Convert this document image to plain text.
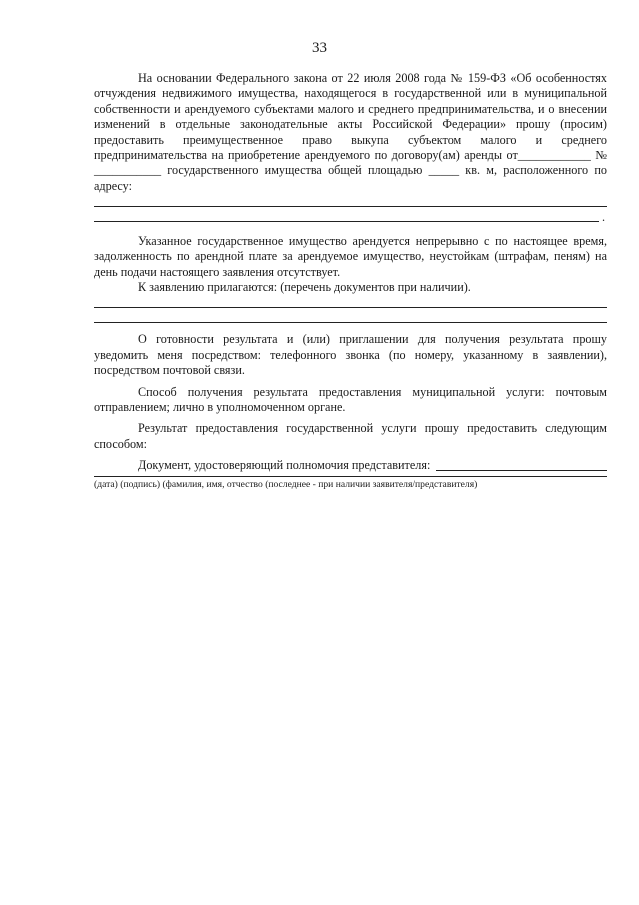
33

На основании Федерального закона от 22 июля 2008 года № 159-ФЗ «Об особенностях отчуждения недвижимого имущества, находящегося в государственной или в муниципальной собственности и арендуемого субъектами малого и среднего предпринимательства, и о внесении изменений в отдельные законодательные акты Российской Федерации» прошу (просим) предоставить преимущественное право выкупа субъектом малого и среднего предпринимательства на приобретение арендуемого по договору(ам) аренды от____________ № ___________ государственного имущества общей площадью _____ кв. м, расположенного по адресу:

.

Указанное государственное имущество арендуется непрерывно с по настоящее время, задолженность по арендной плате за арендуемое имущество, неустойкам (штрафам, пеням) на день подачи настоящего заявления отсутствует.

К заявлению прилагаются: (перечень документов при наличии).

О готовности результата и (или) приглашении для получения результата прошу уведомить меня посредством: телефонного звонка (по номеру, указанному в заявлении), посредством почтовой связи.

Способ получения результата предоставления муниципальной услуги: почтовым отправлением; лично в уполномоченном органе.

Результат предоставления государственной услуги прошу предоставить следующим способом:

Документ, удостоверяющий полномочия представителя:
(дата) (подпись) (фамилия, имя, отчество (последнее - при наличии заявителя/представителя)
